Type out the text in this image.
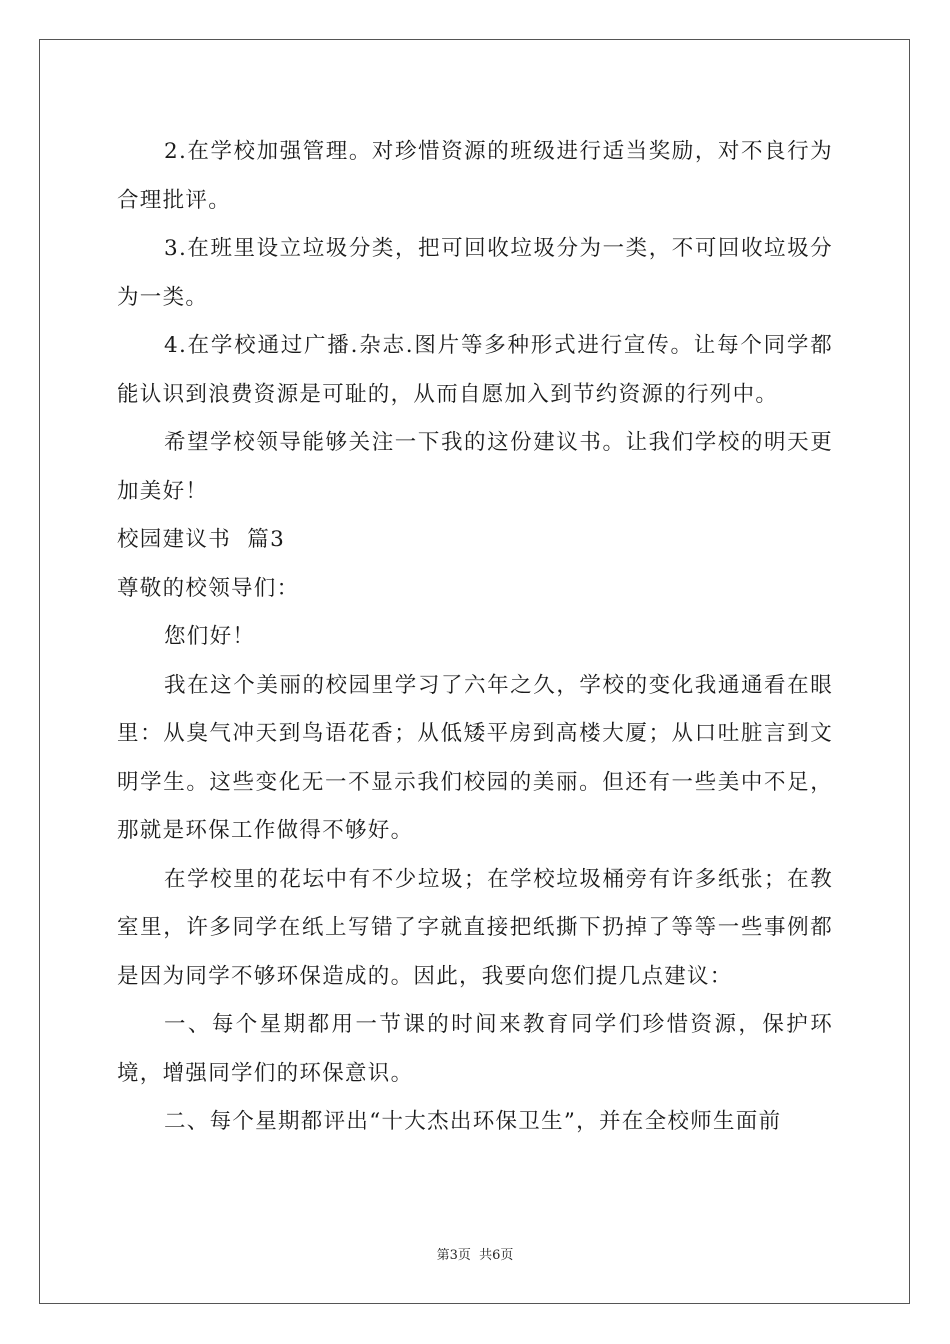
2.在学校加强管理。对珍惜资源的班级进行适当奖励，对不良行为合理批评。

3.在班里设立垃圾分类，把可回收垃圾分为一类，不可回收垃圾分为一类。

4.在学校通过广播.杂志.图片等多种形式进行宣传。让每个同学都能认识到浪费资源是可耻的，从而自愿加入到节约资源的行列中。

希望学校领导能够关注一下我的这份建议书。让我们学校的明天更加美好！

校园建议书  篇3

尊敬的校领导们：

您们好！

我在这个美丽的校园里学习了六年之久，学校的变化我通通看在眼里：从臭气冲天到鸟语花香；从低矮平房到高楼大厦；从口吐脏言到文明学生。这些变化无一不显示我们校园的美丽。但还有一些美中不足，那就是环保工作做得不够好。

在学校里的花坛中有不少垃圾；在学校垃圾桶旁有许多纸张；在教室里，许多同学在纸上写错了字就直接把纸撕下扔掉了等等一些事例都是因为同学不够环保造成的。因此，我要向您们提几点建议：

一、每个星期都用一节课的时间来教育同学们珍惜资源，保护环境，增强同学们的环保意识。

二、每个星期都评出“十大杰出环保卫生”，并在全校师生面前

第3页 共6页
